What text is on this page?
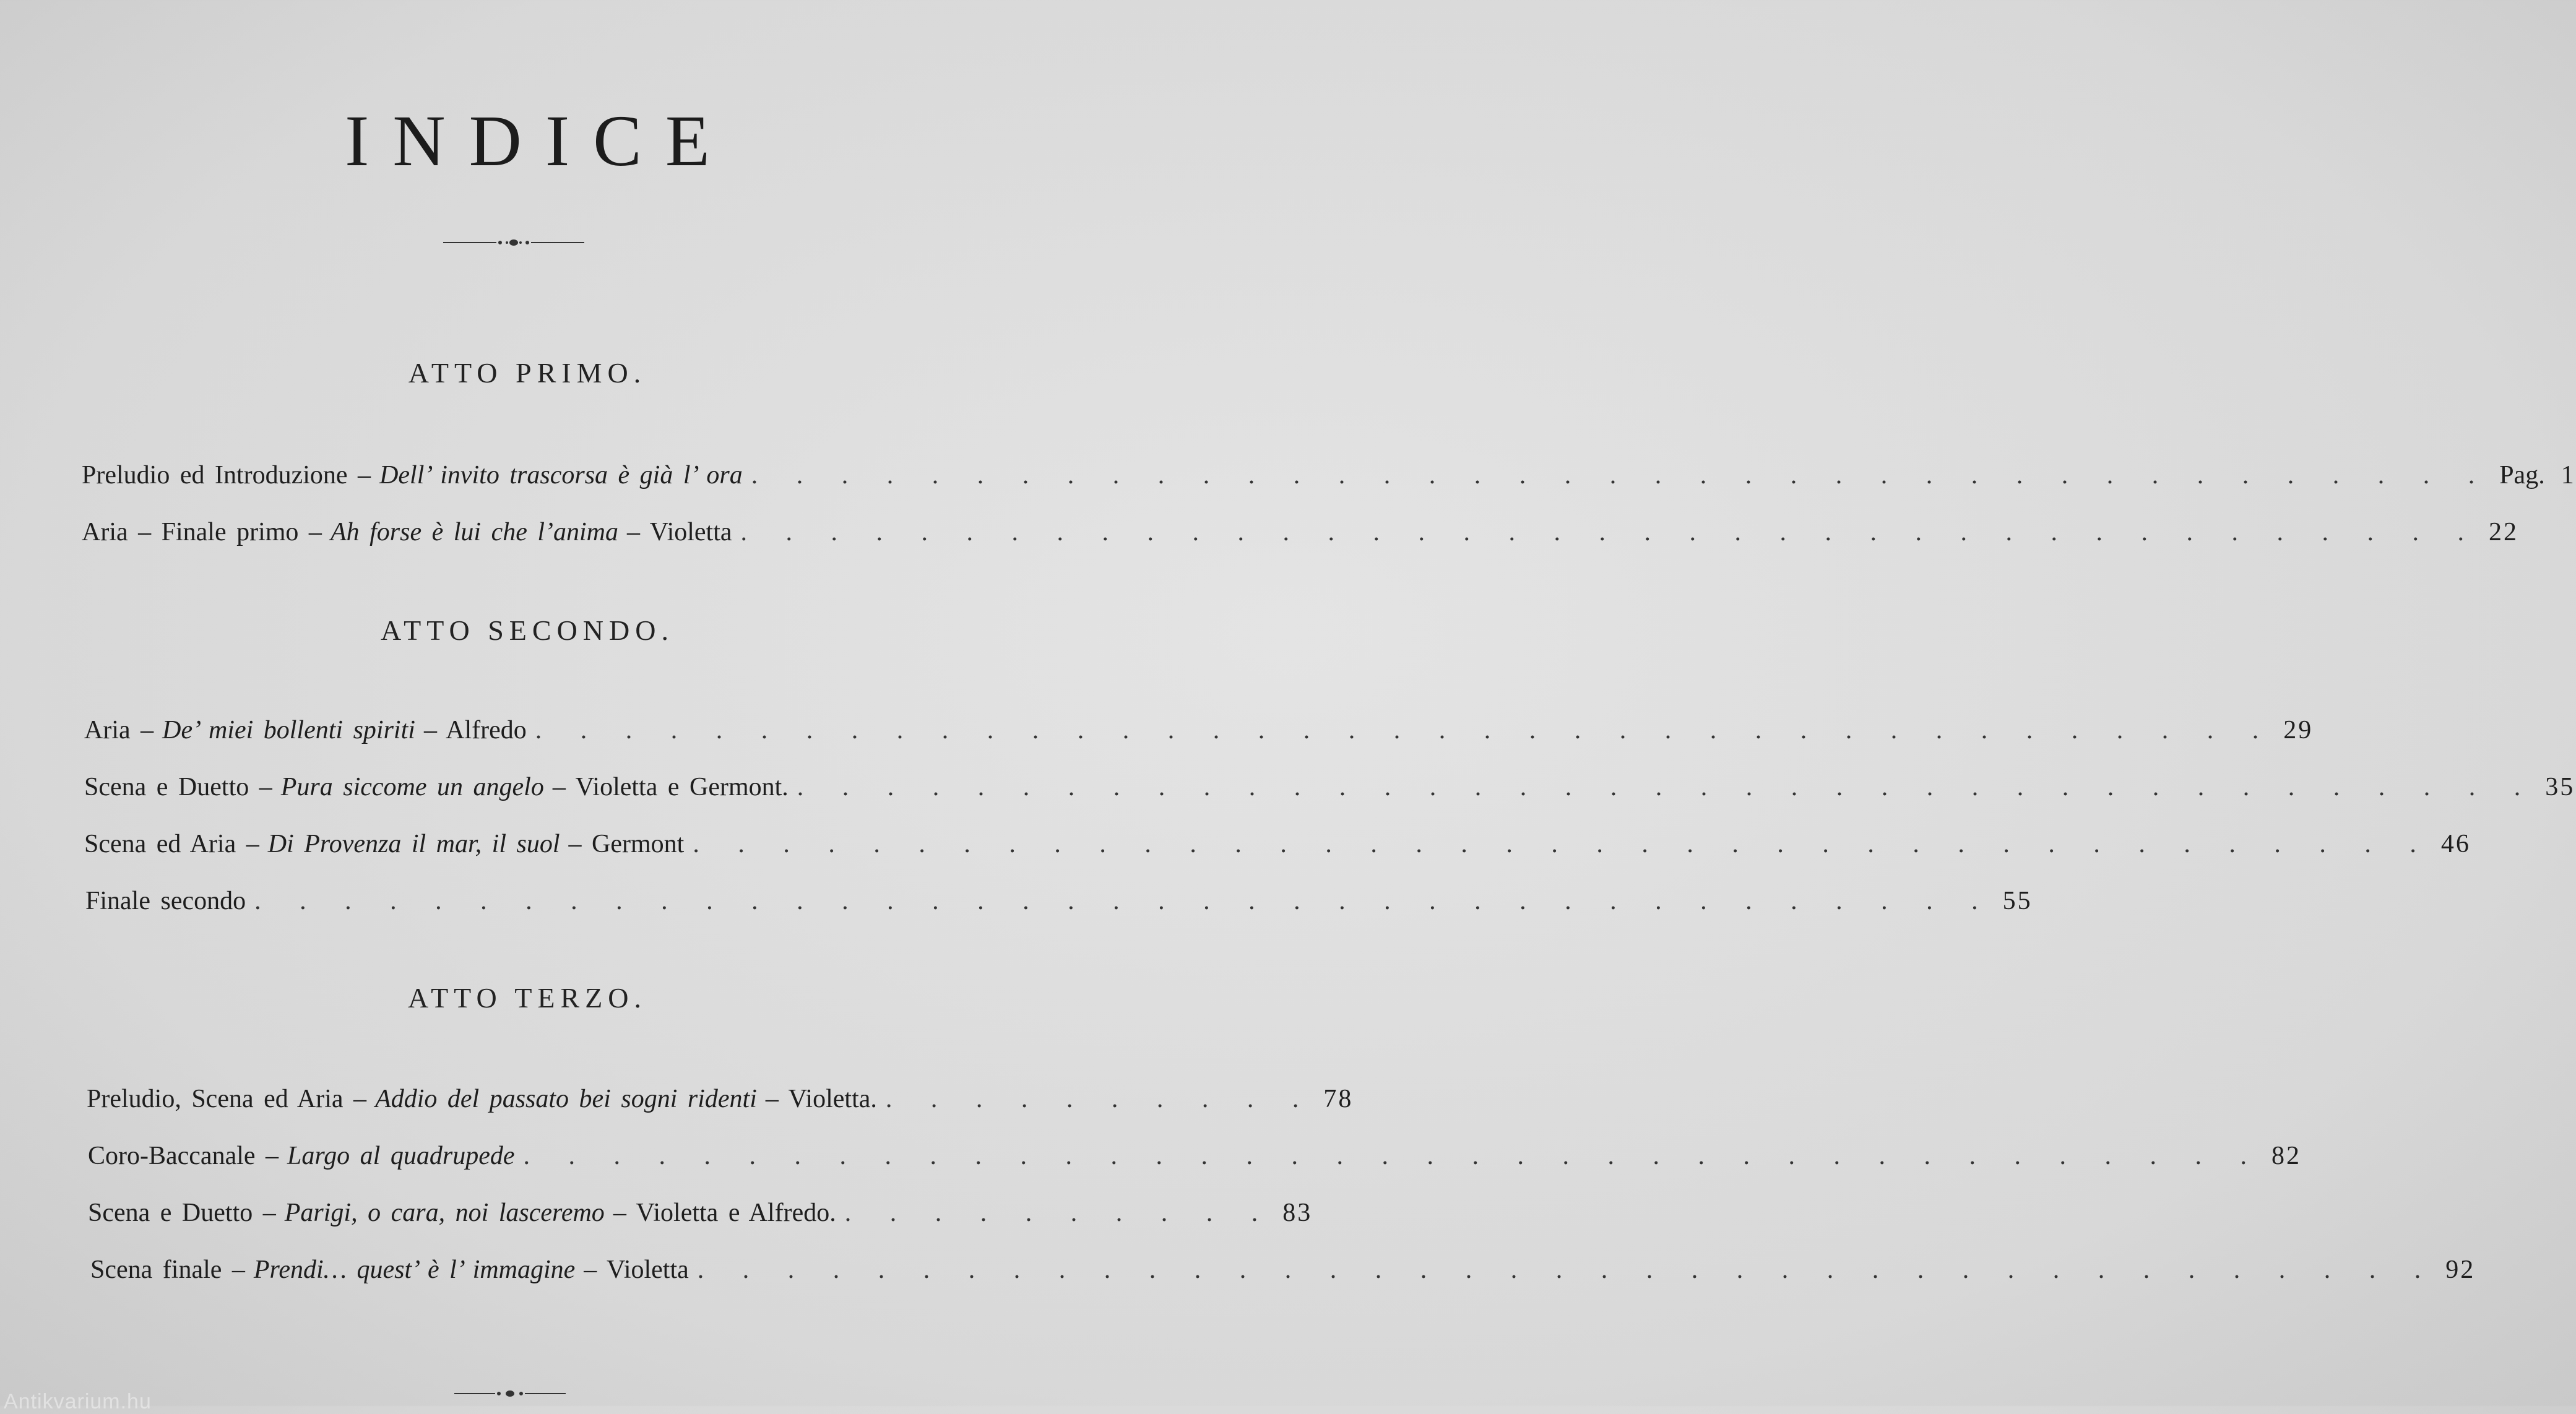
INDICE
ATTO PRIMO.
Preludio ed Introduzione – Dell’ invito trascorsa è già l’ ora . . . . . . . . . . . . . . . . . . . . . . . . . . . . . . . . . . . . . . . Pag. 1
Aria – Finale primo – Ah forse è lui che l’anima – Violetta . . . . . . . . . . . . . . . . . . . . . . . . . . . . . . . . . . . . . . . 22
ATTO SECONDO.
Aria – De’ miei bollenti spiriti – Alfredo . . . . . . . . . . . . . . . . . . . . . . . . . . . . . . . . . . . . . . . 29
Scena e Duetto – Pura siccome un angelo – Violetta e Germont. . . . . . . . . . . . . . . . . . . . . . . . . . . . . . . . . . . . . . . . 35
Scena ed Aria – Di Provenza il mar, il suol – Germont . . . . . . . . . . . . . . . . . . . . . . . . . . . . . . . . . . . . . . . 46
Finale secondo . . . . . . . . . . . . . . . . . . . . . . . . . . . . . . . . . . . . . . . 55
ATTO TERZO.
Preludio, Scena ed Aria – Addio del passato bei sogni ridenti – Violetta. . . . . . . . . . . 78
Coro-Baccanale – Largo al quadrupede . . . . . . . . . . . . . . . . . . . . . . . . . . . . . . . . . . . . . . . 82
Scena e Duetto – Parigi, o cara, noi lasceremo – Violetta e Alfredo. . . . . . . . . . . 83
Scena finale – Prendi… quest’ è l’ immagine – Violetta . . . . . . . . . . . . . . . . . . . . . . . . . . . . . . . . . . . . . . . 92
Antikvarium.hu
